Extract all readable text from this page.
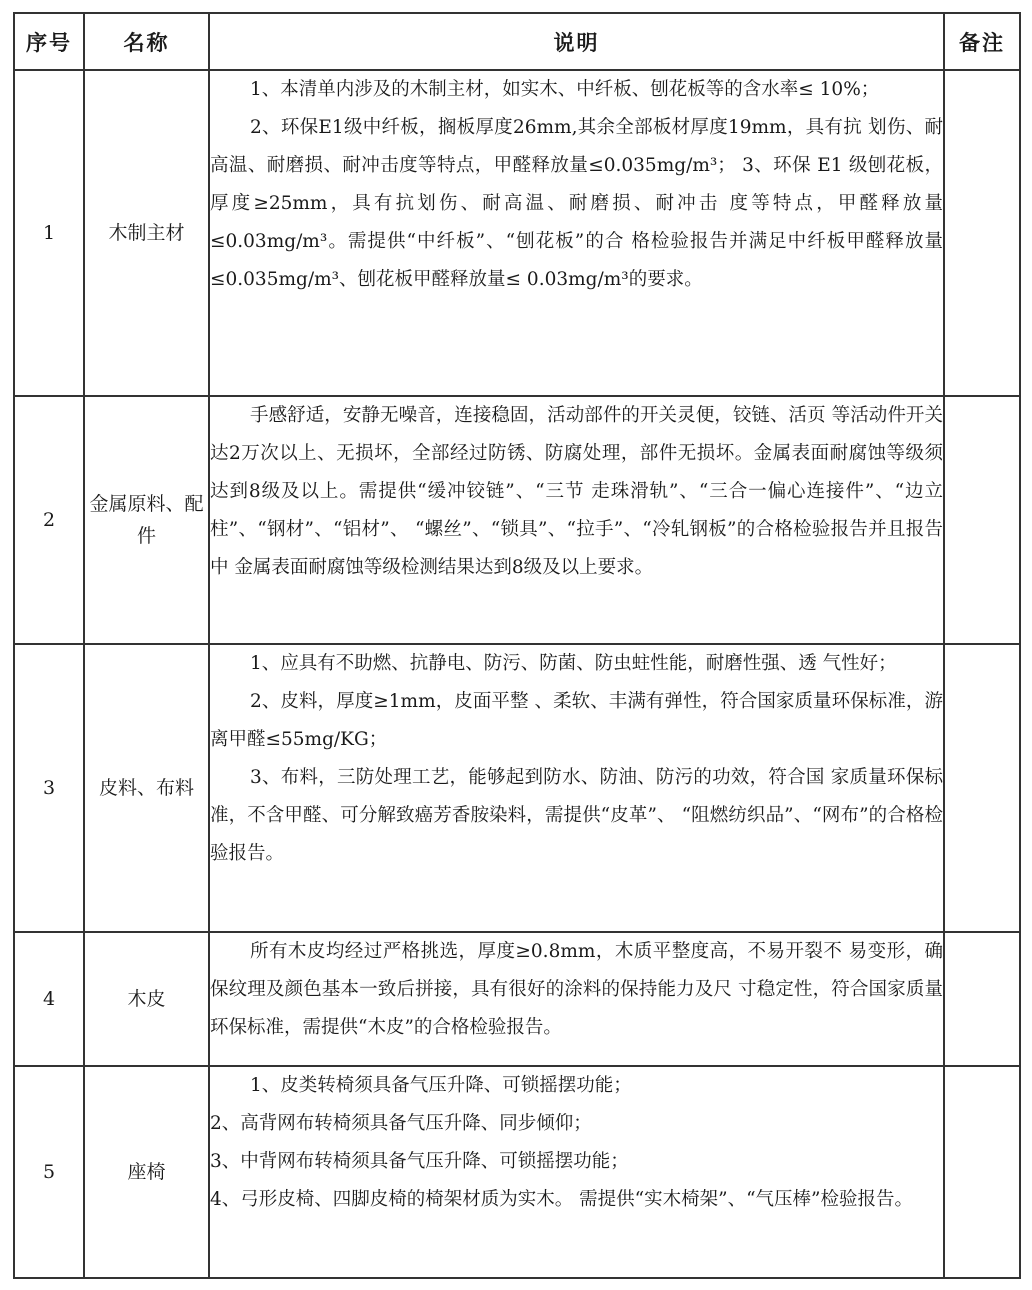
序号	名称	说明	备注
1	木制主材	1、本清单内涉及的木制主材，如实木、中纤板、刨花板等的含水率≤ 10%；

2、环保E1级中纤板，搁板厚度26mm,其余全部板材厚度19mm，具有抗 划伤、耐高温、耐磨损、耐冲击度等特点，甲醛释放量≤0.035mg/m³； 3、环保 E1 级刨花板，厚度≥25mm，具有抗划伤、耐高温、耐磨损、耐冲击 度等特点，甲醛释放量≤0.03mg/m³。需提供“中纤板”、“刨花板”的合 格检验报告并满足中纤板甲醛释放量≤0.035mg/m³、刨花板甲醛释放量≤ 0.03mg/m³的要求。	

2	金属原料、配件	手感舒适，安静无噪音，连接稳固，活动部件的开关灵便，铰链、活页 等活动件开关达2万次以上、无损坏，全部经过防锈、防腐处理，部件无损坏。金属表面耐腐蚀等级须达到8级及以上。需提供“缓冲铰链”、“三节 走珠滑轨”、“三合一偏心连接件”、“边立柱”、“钢材”、“铝材”、 “螺丝”、“锁具”、“拉手”、“冷轧钢板”的合格检验报告并且报告中 金属表面耐腐蚀等级检测结果达到8级及以上要求。	

3	皮料、布料	1、应具有不助燃、抗静电、防污、防菌、防虫蛀性能，耐磨性强、透 气性好；

2、皮料，厚度≥1mm，皮面平整 、柔软、丰满有弹性，符合国家质量环保标准，游离甲醛≤55mg/KG；

3、布料，三防处理工艺，能够起到防水、防油、防污的功效，符合国 家质量环保标准，不含甲醛、可分解致癌芳香胺染料，需提供“皮革”、 “阻燃纺织品”、“网布”的合格检验报告。	

4	木皮	所有木皮均经过严格挑选，厚度≥0.8mm，木质平整度高，不易开裂不 易变形，确保纹理及颜色基本一致后拼接，具有很好的涂料的保持能力及尺 寸稳定性，符合国家质量环保标准，需提供“木皮”的合格检验报告。	

5	座椅	1、皮类转椅须具备气压升降、可锁摇摆功能；

2、高背网布转椅须具备气压升降、同步倾仰；

3、中背网布转椅须具备气压升降、可锁摇摆功能；

4、弓形皮椅、四脚皮椅的椅架材质为实木。 需提供“实木椅架”、“气压棒”检验报告。	
